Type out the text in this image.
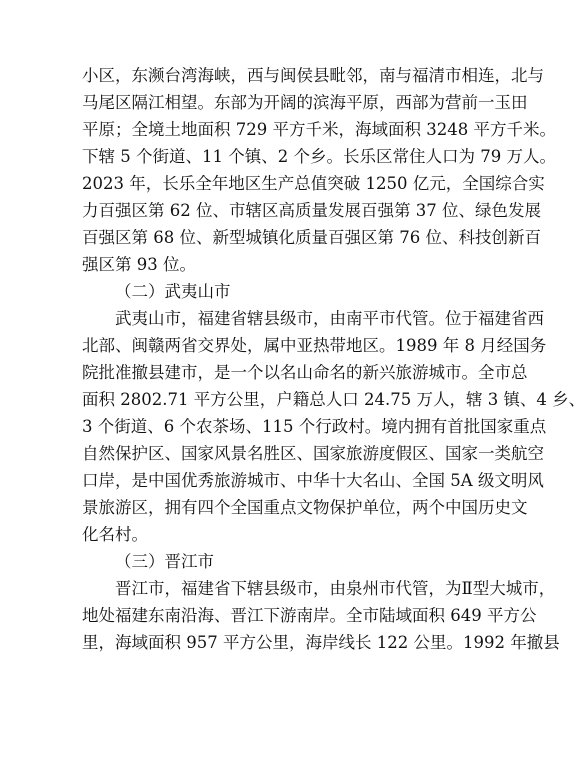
小区，东濒台湾海峡，西与闽侯县毗邻，南与福清市相连，北与
马尾区隔江相望。东部为开阔的滨海平原，西部为营前一玉田
平原；全境土地面积 729 平方千米，海域面积 3248 平方千米。
下辖 5 个街道、11 个镇、2 个乡。长乐区常住人口为 79 万人。
2023 年，长乐全年地区生产总值突破 1250 亿元，全国综合实
力百强区第 62 位、市辖区高质量发展百强第 37 位、绿色发展
百强区第 68 位、新型城镇化质量百强区第 76 位、科技创新百
强区第 93 位。
（二）武夷山市
武夷山市，福建省辖县级市，由南平市代管。位于福建省西
北部、闽赣两省交界处，属中亚热带地区。1989 年 8 月经国务
院批准撤县建市，是一个以名山命名的新兴旅游城市。全市总
面积 2802.71 平方公里，户籍总人口 24.75 万人，辖 3 镇、4 乡、
3 个街道、6 个农茶场、115 个行政村。境内拥有首批国家重点
自然保护区、国家风景名胜区、国家旅游度假区、国家一类航空
口岸，是中国优秀旅游城市、中华十大名山、全国 5A 级文明风
景旅游区，拥有四个全国重点文物保护单位，两个中国历史文
化名村。
（三）晋江市
晋江市，福建省下辖县级市，由泉州市代管，为Ⅱ型大城市，
地处福建东南沿海、晋江下游南岸。全市陆域面积 649 平方公
里，海域面积 957 平方公里，海岸线长 122 公里。1992 年撤县
